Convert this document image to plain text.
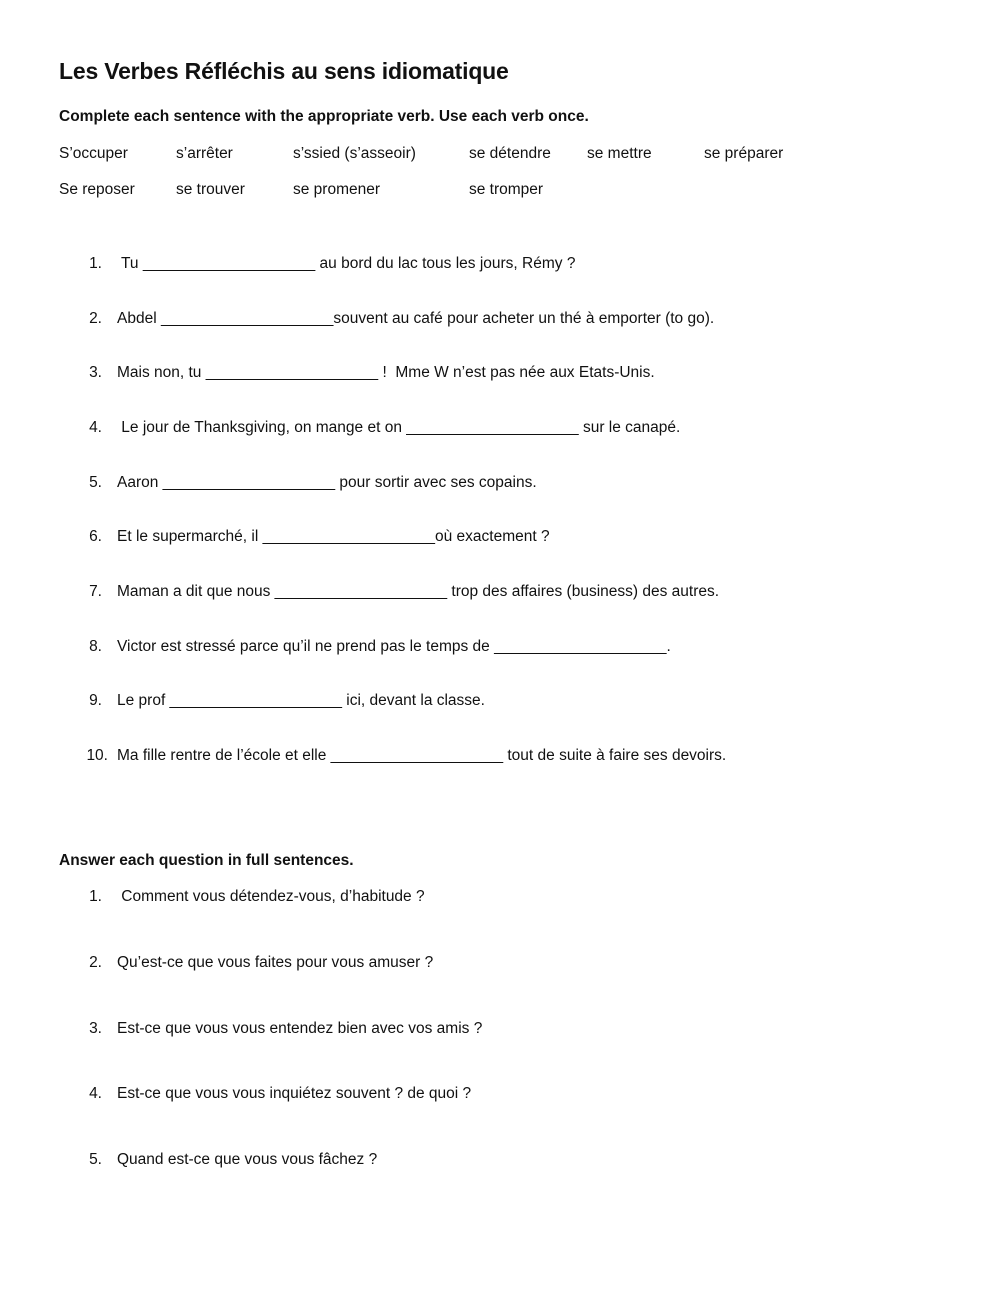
Les Verbes Réfléchis au sens idiomatique

Complete each sentence with the appropriate verb. Use each verb once.

S’occuper	s’arrêter	s’ssied (s’asseoir)	se détendre se mettre	se préparer
Se reposer	se trouver	se promener	se tromper
1. Tu ____________________ au bord du lac tous les jours, Rémy ?
2. Abdel ____________________souvent au café pour acheter un thé à emporter (to go).
3. Mais non, tu ____________________ !  Mme W n’est pas née aux Etats-Unis.
4. Le jour de Thanksgiving, on mange et on ____________________ sur le canapé.
5. Aaron ____________________ pour sortir avec ses copains.
6. Et le supermarché, il ____________________où exactement ?
7. Maman a dit que nous ____________________ trop des affaires (business) des autres.
8. Victor est stressé parce qu’il ne prend pas le temps de ____________________.
9. Le prof ____________________ ici, devant la classe.
10. Ma fille rentre de l’école et elle ____________________ tout de suite à faire ses devoirs.

Answer each question in full sentences.

1. Comment vous détendez-vous, d’habitude ?
2. Qu’est-ce que vous faites pour vous amuser ?
3. Est-ce que vous vous entendez bien avec vos amis ?
4. Est-ce que vous vous inquiétez souvent ? de quoi ?
5. Quand est-ce que vous vous fâchez ?
